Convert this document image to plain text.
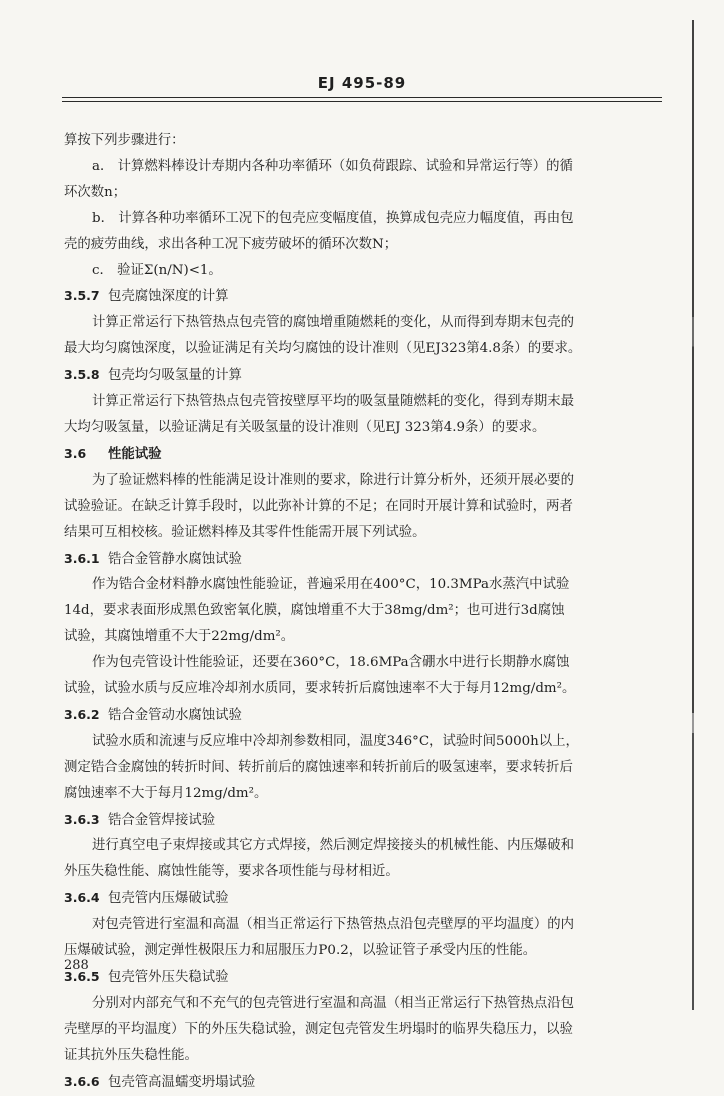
EJ 495-89

算按下列步骤进行：

a． 计算燃料棒设计寿期内各种功率循环（如负荷跟踪、试验和异常运行等）的循

环次数n；

b． 计算各种功率循环工况下的包壳应变幅度值，换算成包壳应力幅度值，再由包

壳的疲劳曲线，求出各种工况下疲劳破坏的循环次数N；

c． 验证Σ(n/N)<1。

3.5.7 包壳腐蚀深度的计算

计算正常运行下热管热点包壳管的腐蚀增重随燃耗的变化，从而得到寿期末包壳的

最大均匀腐蚀深度，以验证满足有关均匀腐蚀的设计准则（见EJ323第4.8条）的要求。

3.5.8 包壳均匀吸氢量的计算

计算正常运行下热管热点包壳管按壁厚平均的吸氢量随燃耗的变化，得到寿期末最

大均匀吸氢量，以验证满足有关吸氢量的设计准则（见EJ 323第4.9条）的要求。

3.6 性能试验

为了验证燃料棒的性能满足设计准则的要求，除进行计算分析外，还须开展必要的

试验验证。在缺乏计算手段时，以此弥补计算的不足；在同时开展计算和试验时，两者

结果可互相校核。验证燃料棒及其零件性能需开展下列试验。

3.6.1 锆合金管静水腐蚀试验

作为锆合金材料静水腐蚀性能验证，普遍采用在400°C，10.3MPa水蒸汽中试验

14d，要求表面形成黑色致密氧化膜，腐蚀增重不大于38mg/dm²；也可进行3d腐蚀

试验，其腐蚀增重不大于22mg/dm²。

作为包壳管设计性能验证，还要在360°C，18.6MPa含硼水中进行长期静水腐蚀

试验，试验水质与反应堆冷却剂水质同，要求转折后腐蚀速率不大于每月12mg/dm²。

3.6.2 锆合金管动水腐蚀试验

试验水质和流速与反应堆中冷却剂参数相同，温度346°C，试验时间5000h以上，

测定锆合金腐蚀的转折时间、转折前后的腐蚀速率和转折前后的吸氢速率，要求转折后

腐蚀速率不大于每月12mg/dm²。

3.6.3 锆合金管焊接试验

进行真空电子束焊接或其它方式焊接，然后测定焊接接头的机械性能、内压爆破和

外压失稳性能、腐蚀性能等，要求各项性能与母材相近。

3.6.4 包壳管内压爆破试验

对包壳管进行室温和高温（相当正常运行下热管热点沿包壳壁厚的平均温度）的内

压爆破试验，测定弹性极限压力和屈服压力P0.2，以验证管子承受内压的性能。

3.6.5 包壳管外压失稳试验

分别对内部充气和不充气的包壳管进行室温和高温（相当正常运行下热管热点沿包

壳壁厚的平均温度）下的外压失稳试验，测定包壳管发生坍塌时的临界失稳压力，以验

证其抗外压失稳性能。

3.6.6 包壳管高温蠕变坍塌试验

288
